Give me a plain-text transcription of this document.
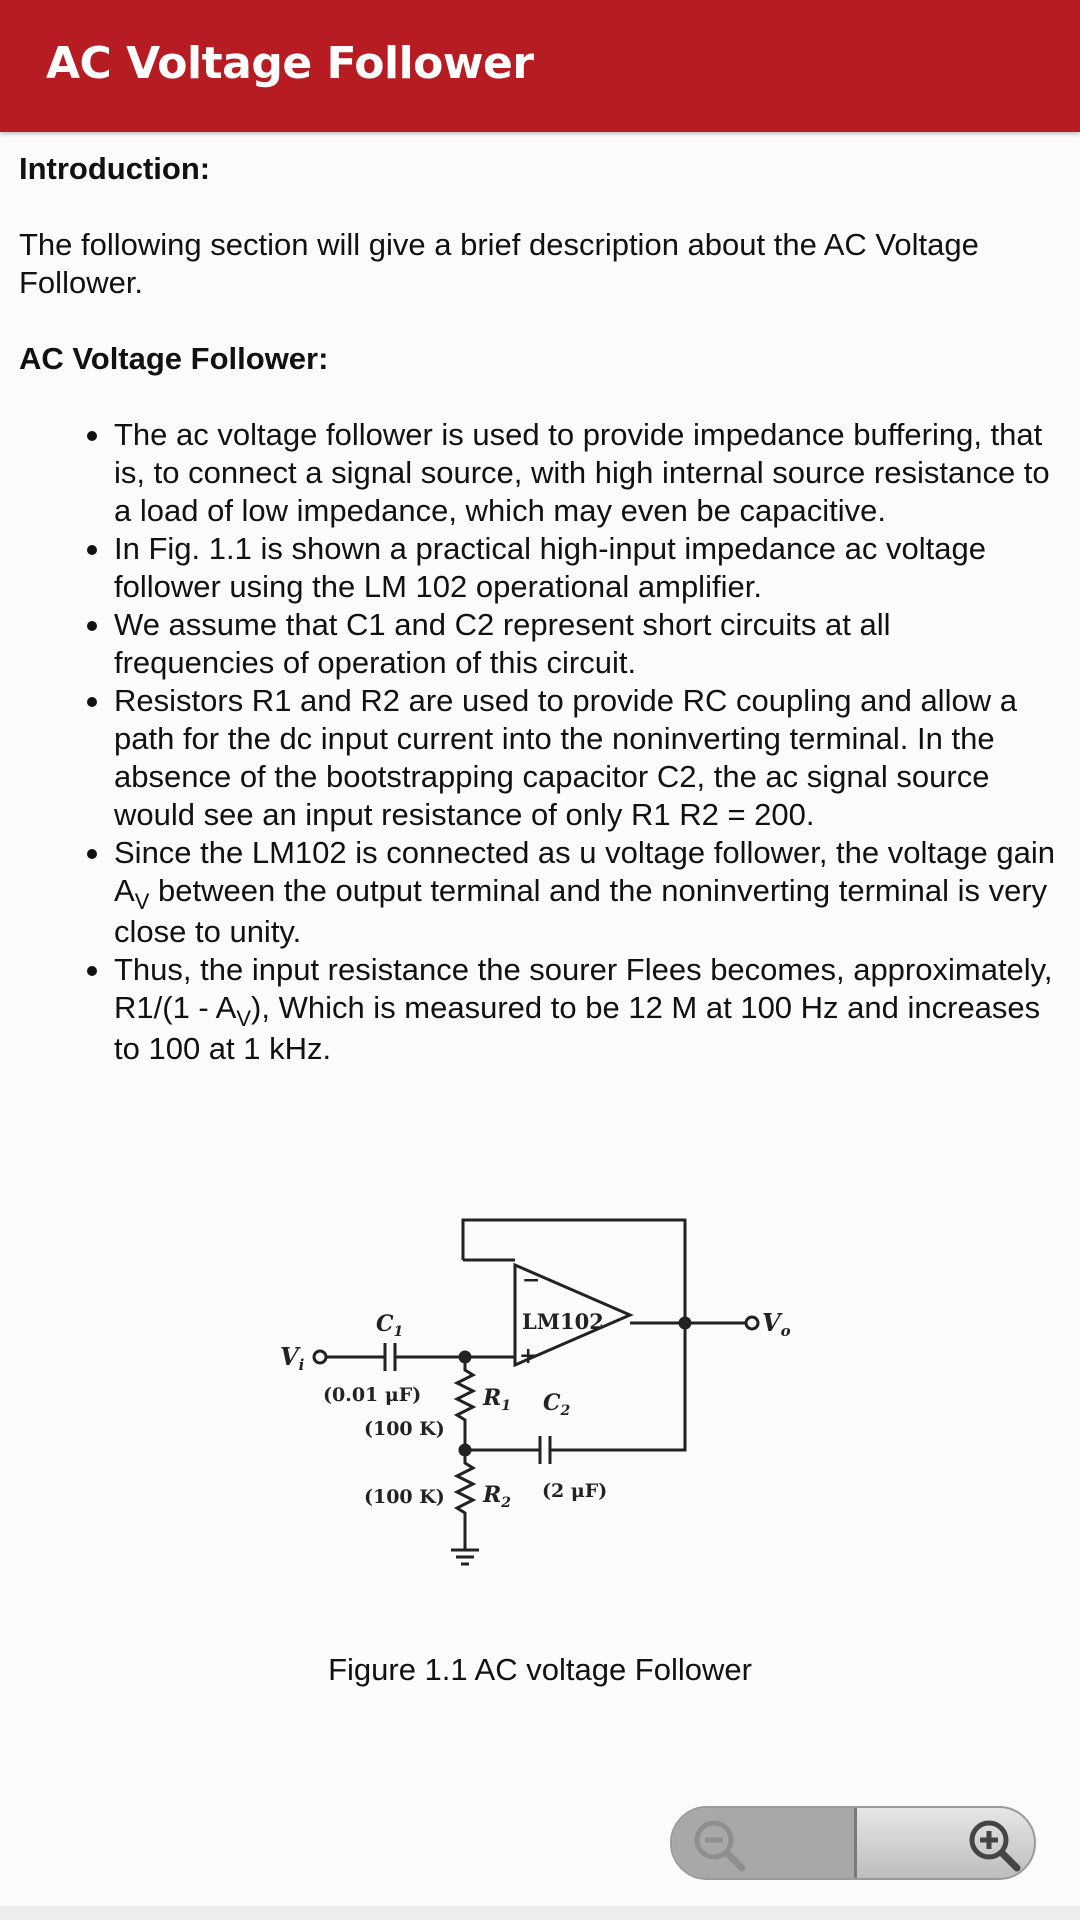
AC Voltage Follower

Introduction:

The following section will give a brief description about the AC Voltage Follower.

AC Voltage Follower:

The ac voltage follower is used to provide impedance buffering, that is, to connect a signal source, with high internal source resistance to a load of low impedance, which may even be capacitive.
In Fig. 1.1 is shown a practical high-input impedance ac voltage follower using the LM 102 operational amplifier.
We assume that C1 and C2 represent short circuits at all frequencies of operation of this circuit.
Resistors R1 and R2 are used to provide RC coupling and allow a path for the dc input current into the noninverting terminal. In the absence of the bootstrapping capacitor C2, the ac signal source would see an input resistance of only R1 R2 = 200.
Since the LM102 is connected as u voltage follower, the voltage gain $A_V$ between the output terminal and the noninverting terminal is very close to unity.
Thus, the input resistance the sourer Flees becomes, approximately, $R1/(1 - A_V)$, Which is measured to be 12 M at 100 Hz and increases to 100 at 1 kHz.
LM102
−
+
$V_i$
$V_o$
$C_1$
(0.01 μF)	$R_1$
(100 K)
$C_2$
(2 μF)
$R_2$
(100 K)
Figure 1.1 AC voltage Follower
